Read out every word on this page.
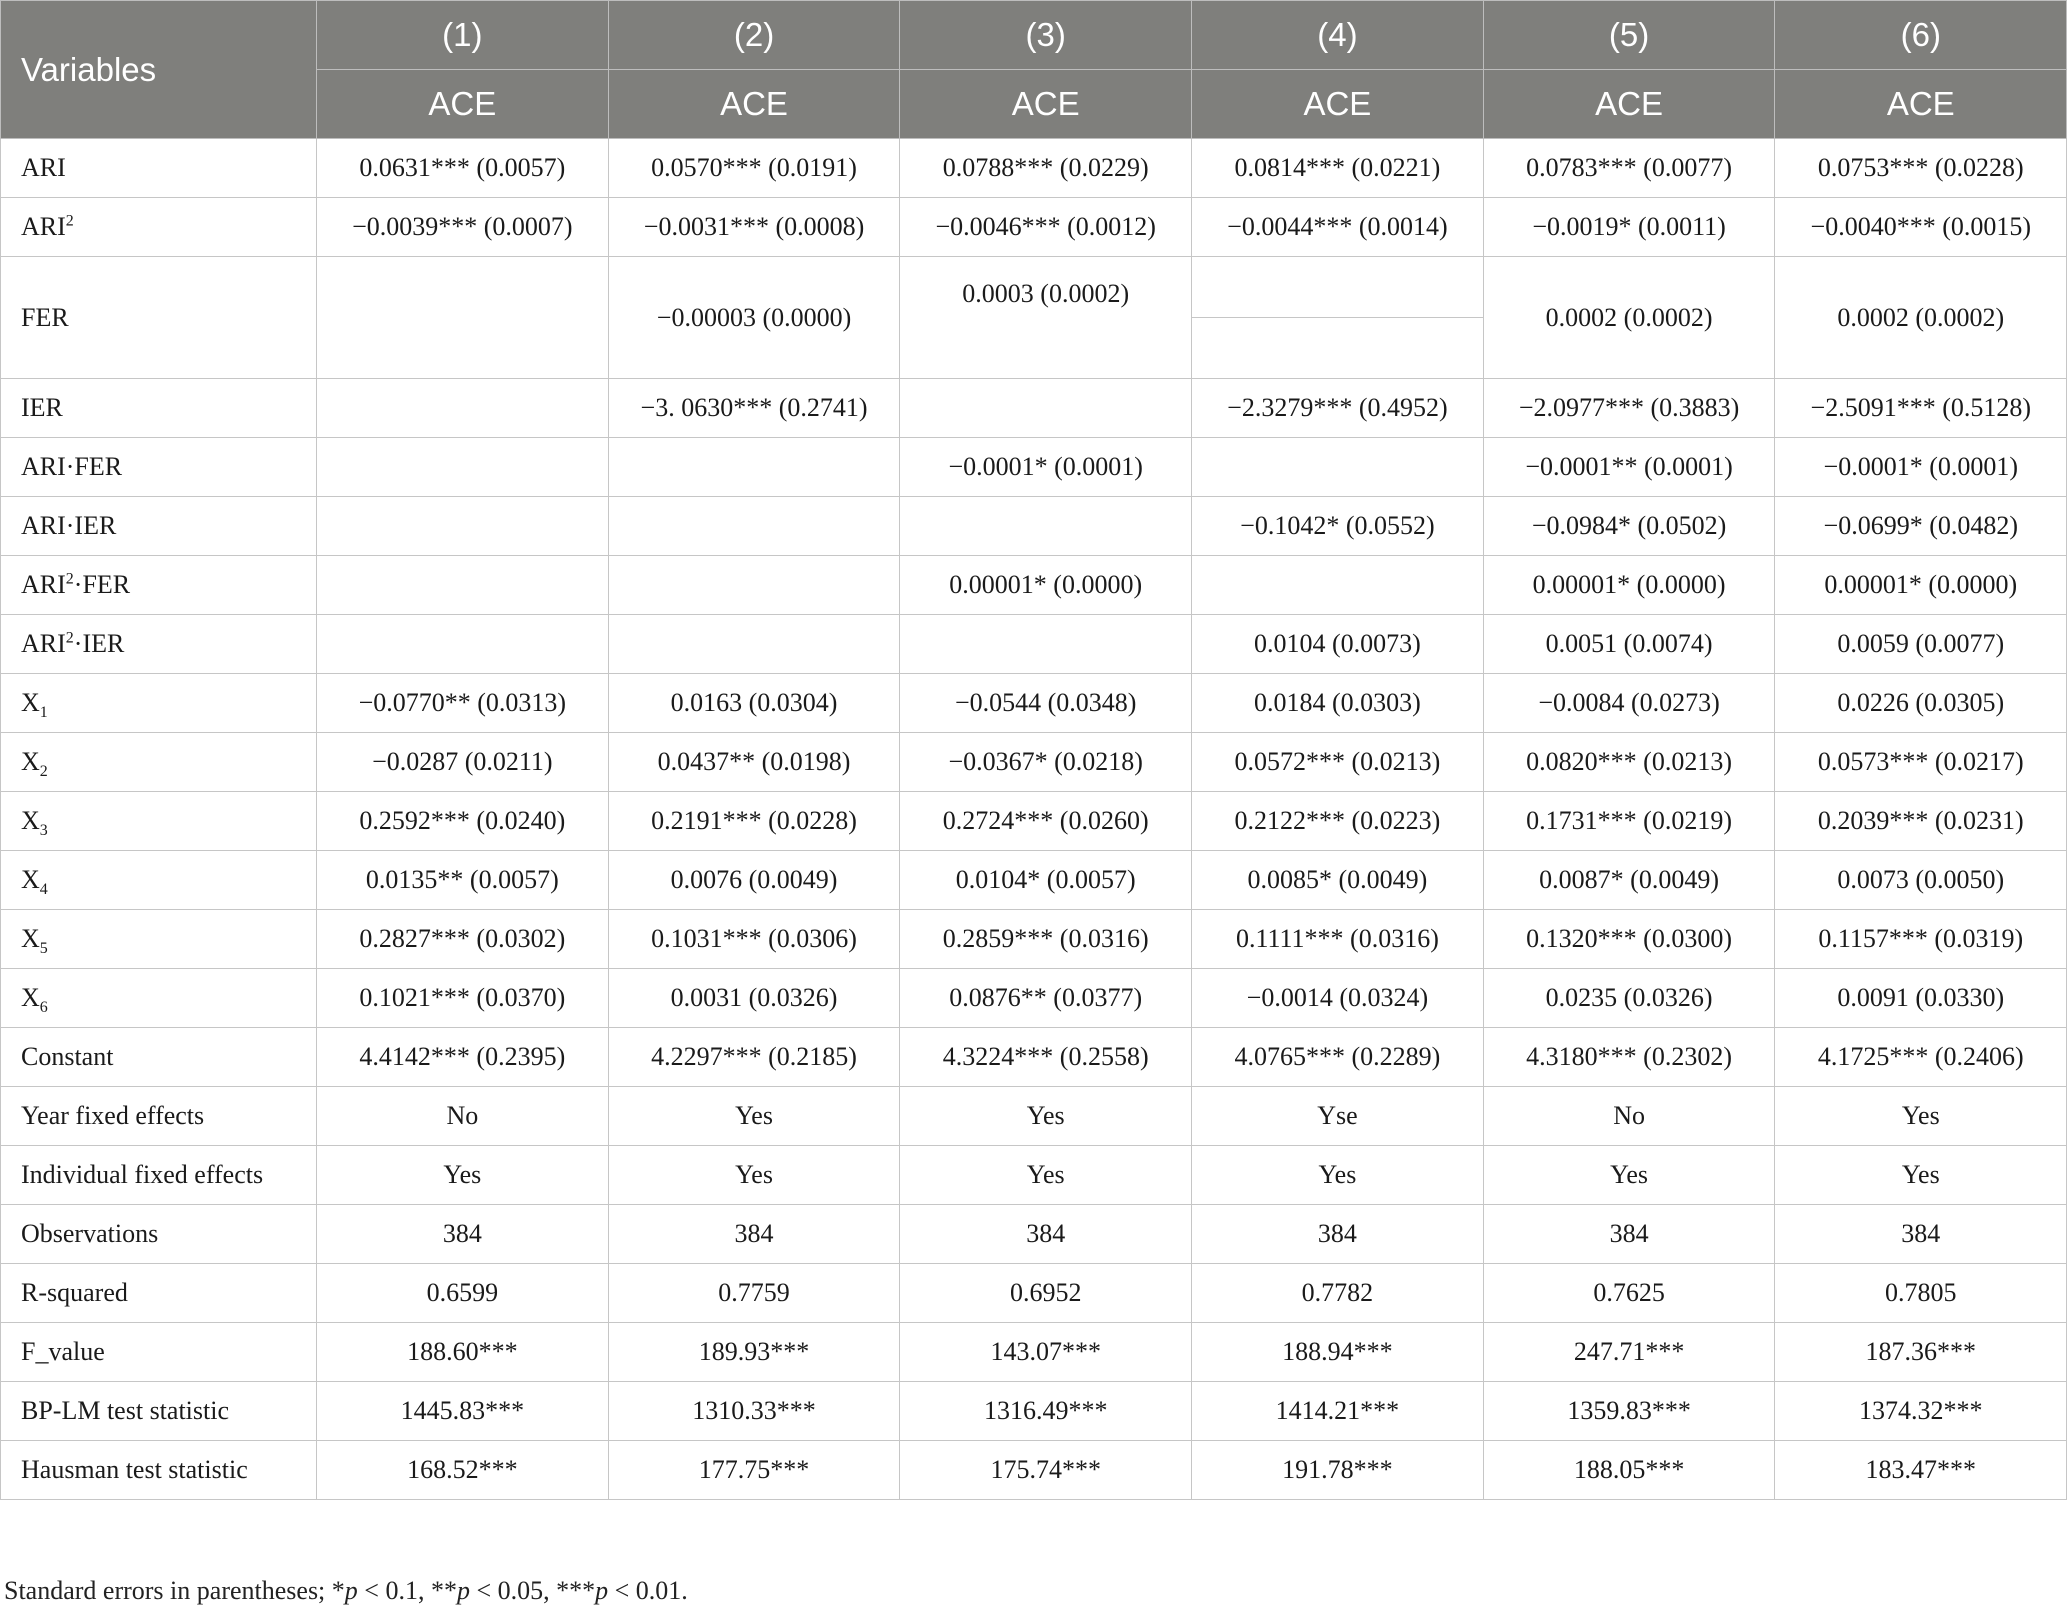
Variables	(1)	(2)	(3)	(4)	(5)	(6)
	ACE	ACE	ACE	ACE	ACE	ACE
ARI	0.0631*** (0.0057)	0.0570*** (0.0191)	0.0788*** (0.0229)	0.0814*** (0.0221)	0.0783*** (0.0077)	0.0753*** (0.0228)
$ARI^2$	−0.0039*** (0.0007)	−0.0031*** (0.0008)	−0.0046*** (0.0012)	−0.0044*** (0.0014)	−0.0019* (0.0011)	−0.0040*** (0.0015)
FER		−0.00003 (0.0000)	0.0003 (0.0002)		0.0002 (0.0002)	0.0002 (0.0002)
IER		−3. 0630*** (0.2741)		−2.3279*** (0.4952)	−2.0977*** (0.3883)	−2.5091*** (0.5128)
ARI·FER			−0.0001* (0.0001)		−0.0001** (0.0001)	−0.0001* (0.0001)
ARI·IER				−0.1042* (0.0552)	−0.0984* (0.0502)	−0.0699* (0.0482)
$ARI^2\cdot FER$			0.00001* (0.0000)		0.00001* (0.0000)	0.00001* (0.0000)
$ARI^2\cdot IER$				0.0104 (0.0073)	0.0051 (0.0074)	0.0059 (0.0077)
$X_1$	−0.0770** (0.0313)	0.0163 (0.0304)	−0.0544 (0.0348)	0.0184 (0.0303)	−0.0084 (0.0273)	0.0226 (0.0305)
$X_2$	−0.0287 (0.0211)	0.0437** (0.0198)	−0.0367* (0.0218)	0.0572*** (0.0213)	0.0820*** (0.0213)	0.0573*** (0.0217)
$X_3$	0.2592*** (0.0240)	0.2191*** (0.0228)	0.2724*** (0.0260)	0.2122*** (0.0223)	0.1731*** (0.0219)	0.2039*** (0.0231)
$X_4$	0.0135** (0.0057)	0.0076 (0.0049)	0.0104* (0.0057)	0.0085* (0.0049)	0.0087* (0.0049)	0.0073 (0.0050)
$X_5$	0.2827*** (0.0302)	0.1031*** (0.0306)	0.2859*** (0.0316)	0.1111*** (0.0316)	0.1320*** (0.0300)	0.1157*** (0.0319)
$X_6$	0.1021*** (0.0370)	0.0031 (0.0326)	0.0876** (0.0377)	−0.0014 (0.0324)	0.0235 (0.0326)	0.0091 (0.0330)
Constant	4.4142*** (0.2395)	4.2297*** (0.2185)	4.3224*** (0.2558)	4.0765*** (0.2289)	4.3180*** (0.2302)	4.1725*** (0.2406)
Year fixed effects	No	Yes	Yes	Yse	No	Yes
Individual fixed effects	Yes	Yes	Yes	Yes	Yes	Yes
Observations	384	384	384	384	384	384
R-squared	0.6599	0.7759	0.6952	0.7782	0.7625	0.7805
F_value	188.60***	189.93***	143.07***	188.94***	247.71***	187.36***
BP-LM test statistic	1445.83***	1310.33***	1316.49***	1414.21***	1359.83***	1374.32***
Hausman test statistic	168.52***	177.75***	175.74***	191.78***	188.05***	183.47***
Standard errors in parentheses; *p < 0.1, **p < 0.05, ***p < 0.01.
